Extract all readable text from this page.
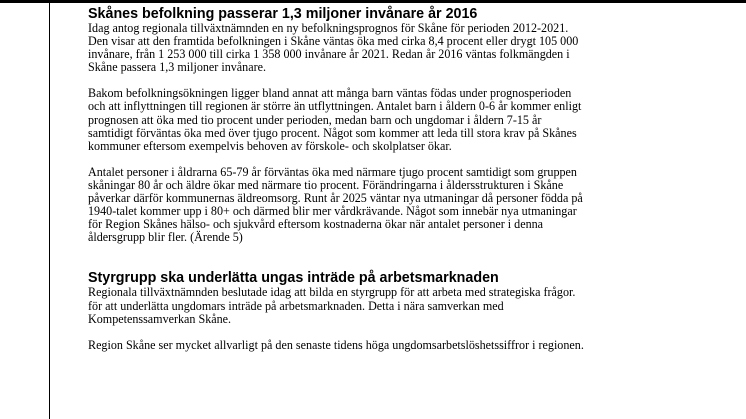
Skånes befolkning passerar 1,3 miljoner invånare år 2016

Idag antog regionala tillväxtnämnden en ny befolkningsprognos för Skåne för perioden 2012-2021.
Den visar att den framtida befolkningen i Skåne väntas öka med cirka 8,4 procent eller drygt 105 000
invånare, från 1 253 000 till cirka 1 358 000 invånare år 2021. Redan år 2016 väntas folkmängden i
Skåne passera 1,3 miljoner invånare.

Bakom befolkningsökningen ligger bland annat att många barn väntas födas under prognosperioden
och att inflyttningen till regionen är större än utflyttningen. Antalet barn i åldern 0-6 år kommer enligt
prognosen att öka med tio procent under perioden, medan barn och ungdomar i åldern 7-15 år
samtidigt förväntas öka med över tjugo procent. Något som kommer att leda till stora krav på Skånes
kommuner eftersom exempelvis behoven av förskole- och skolplatser ökar.

Antalet personer i åldrarna 65-79 år förväntas öka med närmare tjugo procent samtidigt som gruppen
skåningar 80 år och äldre ökar med närmare tio procent. Förändringarna i åldersstrukturen i Skåne
påverkar därför kommunernas äldreomsorg. Runt år 2025 väntar nya utmaningar då personer födda på
1940-talet kommer upp i 80+ och därmed blir mer vårdkrävande. Något som innebär nya utmaningar
för Region Skånes hälso- och sjukvård eftersom kostnaderna ökar när antalet personer i denna
åldersgrupp blir fler. (Ärende 5)

Styrgrupp ska underlätta ungas inträde på arbetsmarknaden

Regionala tillväxtnämnden beslutade idag att bilda en styrgrupp för att arbeta med strategiska frågor.
för att underlätta ungdomars inträde på arbetsmarknaden. Detta i nära samverkan med
Kompetenssamverkan Skåne.

Region Skåne ser mycket allvarligt på den senaste tidens höga ungdomsarbetslöshetssiffror i regionen.
